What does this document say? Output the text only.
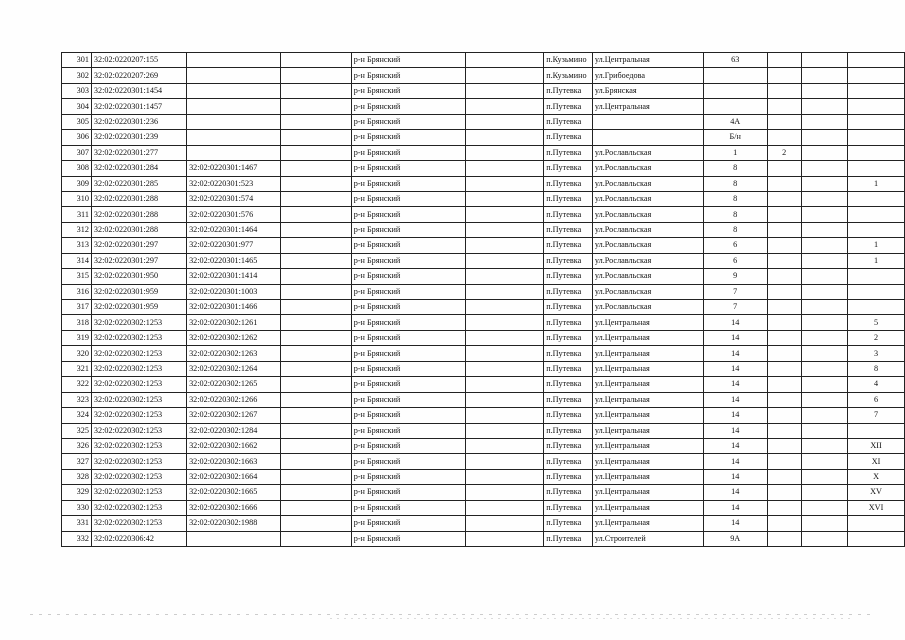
301	32:02:0220207:155			р-н Брянский		п.Кузьмино	ул.Центральная	63			
302	32:02:0220207:269			р-н Брянский		п.Кузьмино	ул.Грибоедова				
303	32:02:0220301:1454			р-н Брянский		п.Путевка	ул.Брянская				
304	32:02:0220301:1457			р-н Брянский		п.Путевка	ул.Центральная				
305	32:02:0220301:236			р-н Брянский		п.Путевка		4А			
306	32:02:0220301:239			р-н Брянский		п.Путевка		Б/н			
307	32:02:0220301:277			р-н Брянский		п.Путевка	ул.Рославльская	1	2		
308	32:02:0220301:284	32:02:0220301:1467		р-н Брянский		п.Путевка	ул.Рославльская	8			
309	32:02:0220301:285	32:02:0220301:523		р-н Брянский		п.Путевка	ул.Рославльская	8			1
310	32:02:0220301:288	32:02:0220301:574		р-н Брянский		п.Путевка	ул.Рославльская	8			
311	32:02:0220301:288	32:02:0220301:576		р-н Брянский		п.Путевка	ул.Рославльская	8			
312	32:02:0220301:288	32:02:0220301:1464		р-н Брянский		п.Путевка	ул.Рославльская	8			
313	32:02:0220301:297	32:02:0220301:977		р-н Брянский		п.Путевка	ул.Рославльская	6			1
314	32:02:0220301:297	32:02:0220301:1465		р-н Брянский		п.Путевка	ул.Рославльская	6			1
315	32:02:0220301:950	32:02:0220301:1414		р-н Брянский		п.Путевка	ул.Рославльская	9			
316	32:02:0220301:959	32:02:0220301:1003		р-н Брянский		п.Путевка	ул.Рославльская	7			
317	32:02:0220301:959	32:02:0220301:1466		р-н Брянский		п.Путевка	ул.Рославльская	7			
318	32:02:0220302:1253	32:02:0220302:1261		р-н Брянский		п.Путевка	ул.Центральная	14			5
319	32:02:0220302:1253	32:02:0220302:1262		р-н Брянский		п.Путевка	ул.Центральная	14			2
320	32:02:0220302:1253	32:02:0220302:1263		р-н Брянский		п.Путевка	ул.Центральная	14			3
321	32:02:0220302:1253	32:02:0220302:1264		р-н Брянский		п.Путевка	ул.Центральная	14			8
322	32:02:0220302:1253	32:02:0220302:1265		р-н Брянский		п.Путевка	ул.Центральная	14			4
323	32:02:0220302:1253	32:02:0220302:1266		р-н Брянский		п.Путевка	ул.Центральная	14			6
324	32:02:0220302:1253	32:02:0220302:1267		р-н Брянский		п.Путевка	ул.Центральная	14			7
325	32:02:0220302:1253	32:02:0220302:1284		р-н Брянский		п.Путевка	ул.Центральная	14			
326	32:02:0220302:1253	32:02:0220302:1662		р-н Брянский		п.Путевка	ул.Центральная	14			XII
327	32:02:0220302:1253	32:02:0220302:1663		р-н Брянский		п.Путевка	ул.Центральная	14			XI
328	32:02:0220302:1253	32:02:0220302:1664		р-н Брянский		п.Путевка	ул.Центральная	14			X
329	32:02:0220302:1253	32:02:0220302:1665		р-н Брянский		п.Путевка	ул.Центральная	14			XV
330	32:02:0220302:1253	32:02:0220302:1666		р-н Брянский		п.Путевка	ул.Центральная	14			XVI
331	32:02:0220302:1253	32:02:0220302:1988		р-н Брянский		п.Путевка	ул.Центральная	14			
332	32:02:0220306:42			р-н Брянский		п.Путевка	ул.Строителей	9А			
